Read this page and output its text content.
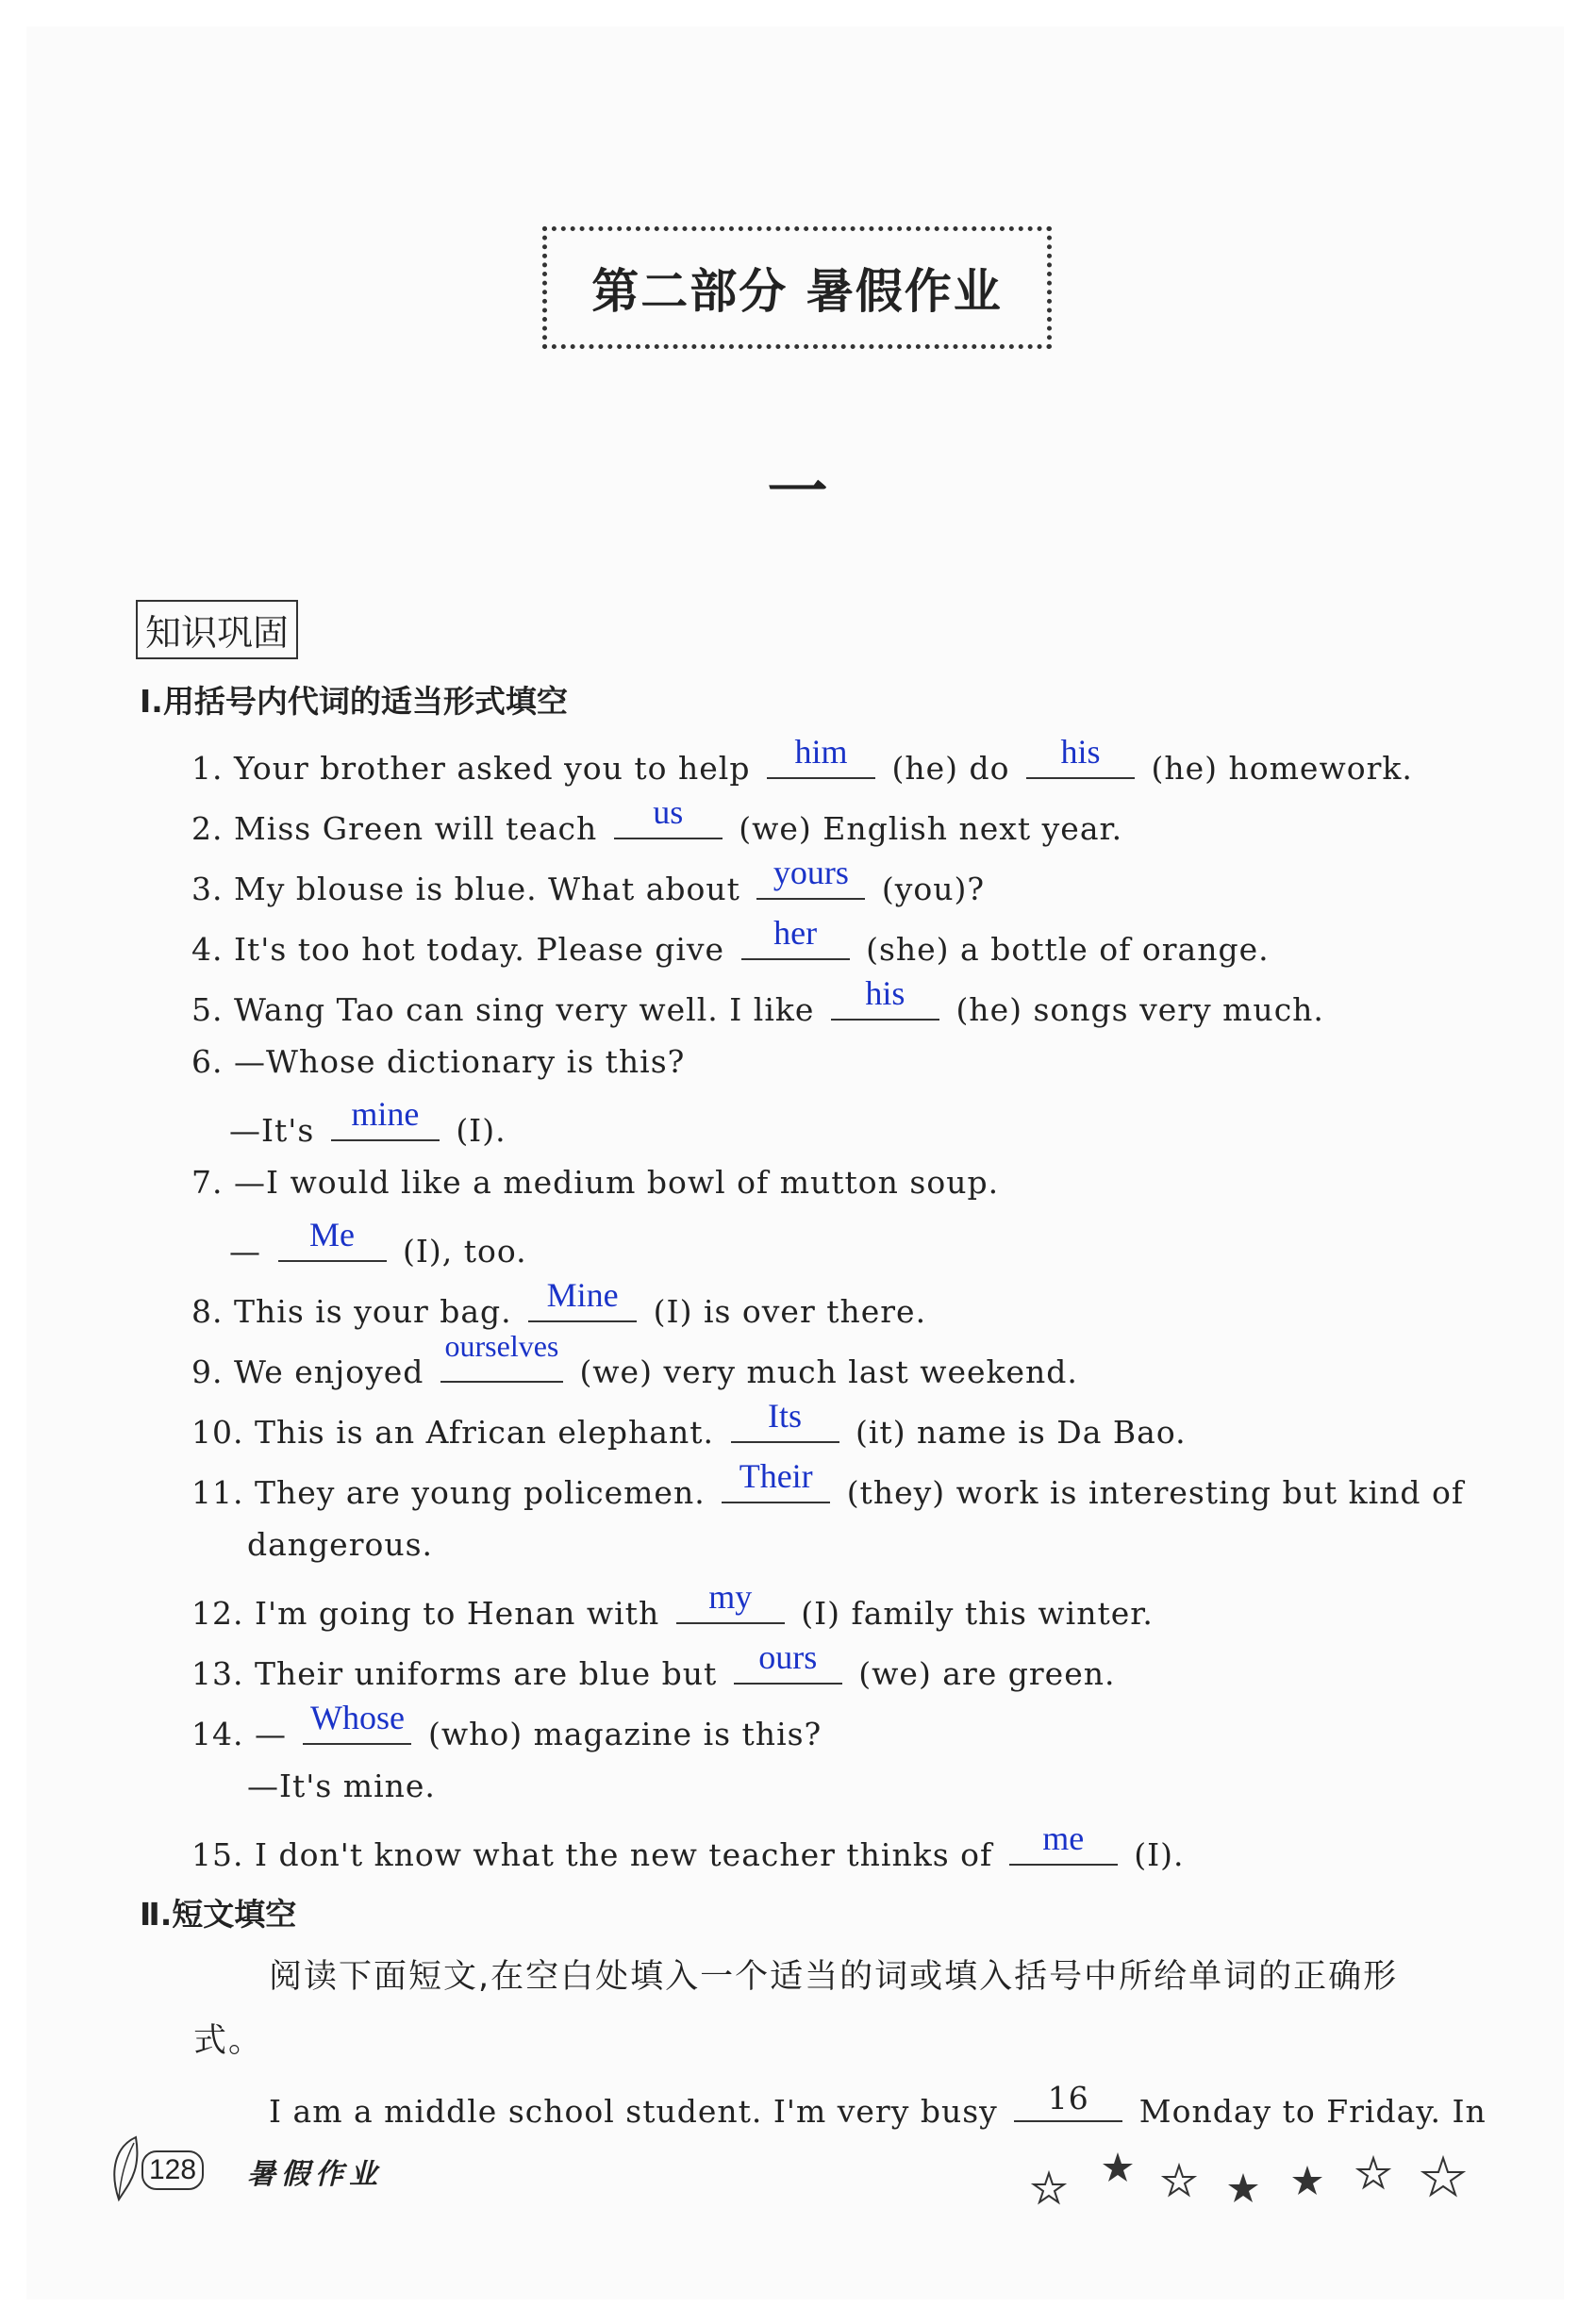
第二部分 暑假作业
一
知识巩固
Ⅰ.用括号内代词的适当形式填空
1. Your brother asked you to help	him	(he) do	his	(he) homework.
2. Miss Green will teach	us	(we) English next year.
3. My blouse is blue. What about yours	(you)?
4. It's too hot today. Please give	her	(she) a bottle of orange.
5. Wang Tao can sing very well. I like	his	(he) songs very much.
6. —Whose dictionary is this?
—It's	mine	(I).
7. —I would like a medium bowl of mutton soup.
—	Me	(I), too.
8. This is your bag.	Mine	(I) is over there.
9. We enjoyed
ourselves
(we) very much last weekend.
10. This is an African elephant.	Its	(it) name is Da Bao.
11. They are young policemen.	Their	(they) work is interesting but kind of
dangerous.
12. I'm going to Henan with	my	(I) family this winter.
13. Their uniforms are blue but	ours	(we) are green.
14. — Whose (who) magazine is this?
—It's mine.
15. I don't know what the new teacher thinks of	me	(I).
Ⅱ.短文填空
阅读下面短文,在空白处填入一个适当的词或填入括号中所给单词的正确形式。
I am a middle school student. I'm very busy	16	Monday to Friday. In
128 暑假作业
